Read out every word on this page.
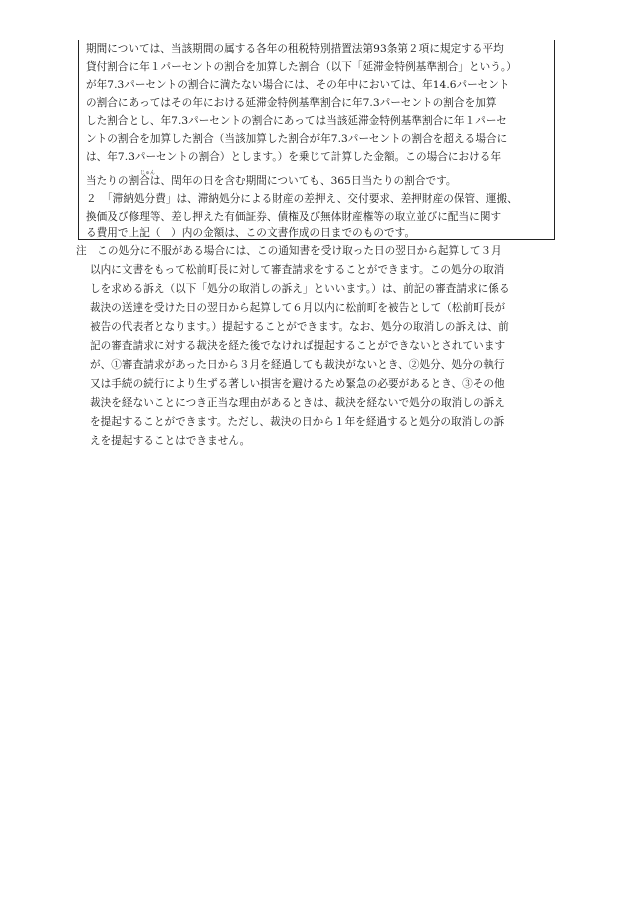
期間については、当該期間の属する各年の租税特別措置法第93条第２項に規定する平均
貸付割合に年１パーセントの割合を加算した割合（以下「延滞金特例基準割合」という。）
が年7.3パーセントの割合に満たない場合には、その年中においては、年14.6パーセント
の割合にあってはその年における延滞金特例基準割合に年7.3パーセントの割合を加算
した割合とし、年7.3パーセントの割合にあっては当該延滞金特例基準割合に年１パーセ
ントの割合を加算した割合（当該加算した割合が年7.3パーセントの割合を超える場合に
は、年7.3パーセントの割合）とします。）を乗じて計算した金額。この場合における年
じゅん
当たりの割合は、閏年の日を含む期間についても、365日当たりの割合です。
２　「滞納処分費」は、滞納処分による財産の差押え、交付要求、差押財産の保管、運搬、
換価及び修理等、差し押えた有価証券、債権及び無体財産権等の取立並びに配当に関す
る費用で上記（　）内の金額は、この文書作成の日までのものです。
注　この処分に不服がある場合には、この通知書を受け取った日の翌日から起算して３月
以内に文書をもって松前町長に対して審査請求をすることができます。この処分の取消
しを求める訴え（以下「処分の取消しの訴え」といいます。）は、前記の審査請求に係る
裁決の送達を受けた日の翌日から起算して６月以内に松前町を被告として（松前町長が
被告の代表者となります。）提起することができます。なお、処分の取消しの訴えは、前
記の審査請求に対する裁決を経た後でなければ提起することができないとされています
が、①審査請求があった日から３月を経過しても裁決がないとき、②処分、処分の執行
又は手続の続行により生ずる著しい損害を避けるため緊急の必要があるとき、③その他
裁決を経ないことにつき正当な理由があるときは、裁決を経ないで処分の取消しの訴え
を提起することができます。ただし、裁決の日から１年を経過すると処分の取消しの訴
えを提起することはできません。
